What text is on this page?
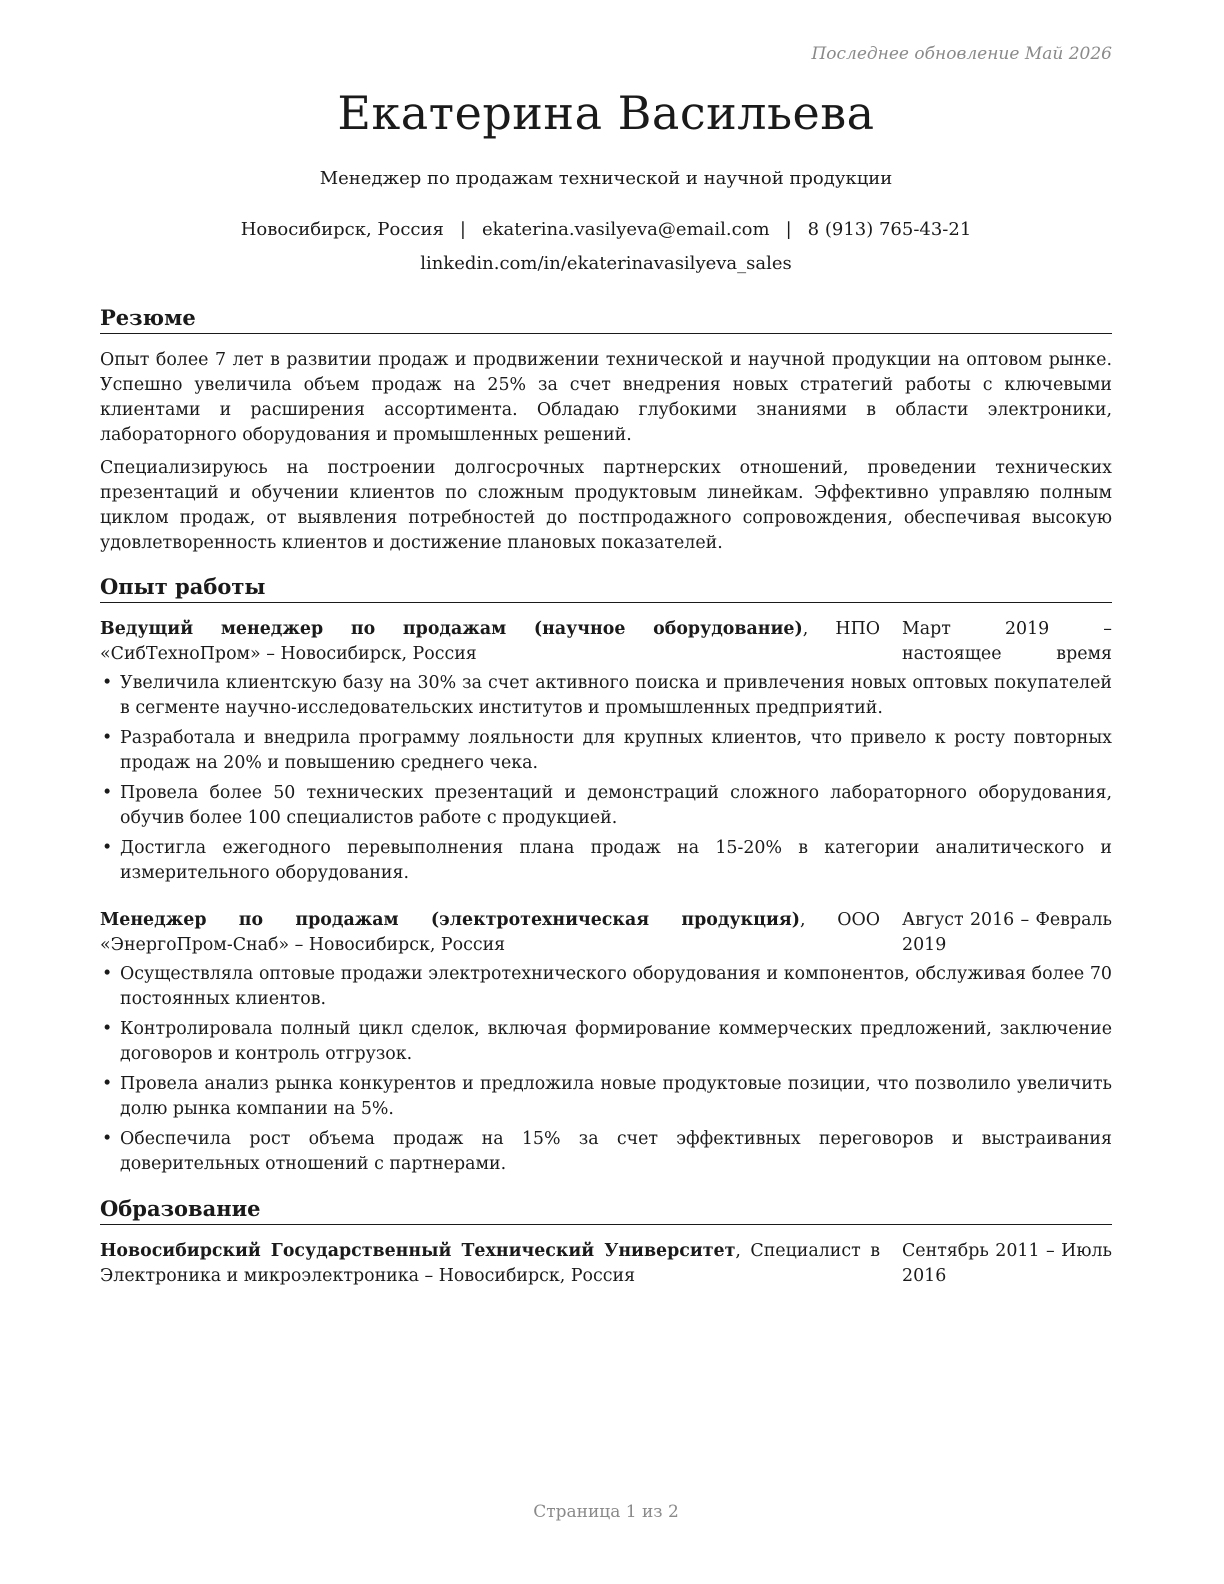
Последнее обновление Май 2026
Екатерина Васильева
Менеджер по продажам технической и научной продукции
Новосибирск, Россия | ekaterina.vasilyeva@email.com | 8 (913) 765-43-21
linkedin.com/in/ekaterinavasilyeva_sales
Резюме

Опыт более 7 лет в развитии продаж и продвижении технической и научной продукции на оптовом рынке. Успешно увеличила объем продаж на 25% за счет внедрения новых стратегий работы с ключевыми клиентами и расширения ассортимента. Обладаю глубокими знаниями в области электроники, лабораторного оборудования и промышленных решений.

Специализируюсь на построении долгосрочных партнерских отношений, проведении технических презентаций и обучении клиентов по сложным продуктовым линейкам. Эффективно управляю полным циклом продаж, от выявления потребностей до постпродажного сопровождения, обеспечивая высокую удовлетворенность клиентов и достижение плановых показателей.

Опыт работы
Ведущий менеджер по продажам (научное оборудование), НПО «СибТехноПром» – Новосибирск, Россия
Март 2019 – настоящее время
• Увеличила клиентскую базу на 30% за счет активного поиска и привлечения новых оптовых покупателей в сегменте научно-исследовательских институтов и промышленных предприятий.
• Разработала и внедрила программу лояльности для крупных клиентов, что привело к росту повторных продаж на 20% и повышению среднего чека.
• Провела более 50 технических презентаций и демонстраций сложного лабораторного оборудования, обучив более 100 специалистов работе с продукцией.
• Достигла ежегодного перевыполнения плана продаж на 15-20% в категории аналитического и измерительного оборудования.
Менеджер по продажам (электротехническая продукция), ООО «ЭнергоПром-Снаб» – Новосибирск, Россия
Август 2016 – Февраль 2019
• Осуществляла оптовые продажи электротехнического оборудования и компонентов, обслуживая более 70 постоянных клиентов.
• Контролировала полный цикл сделок, включая формирование коммерческих предложений, заключение договоров и контроль отгрузок.
• Провела анализ рынка конкурентов и предложила новые продуктовые позиции, что позволило увеличить долю рынка компании на 5%.
• Обеспечила рост объема продаж на 15% за счет эффективных переговоров и выстраивания доверительных отношений с партнерами.
Образование
Новосибирский Государственный Технический Университет, Специалист в Электроника и микроэлектроника – Новосибирск, Россия
Сентябрь 2011 – Июль 2016
Страница 1 из 2
